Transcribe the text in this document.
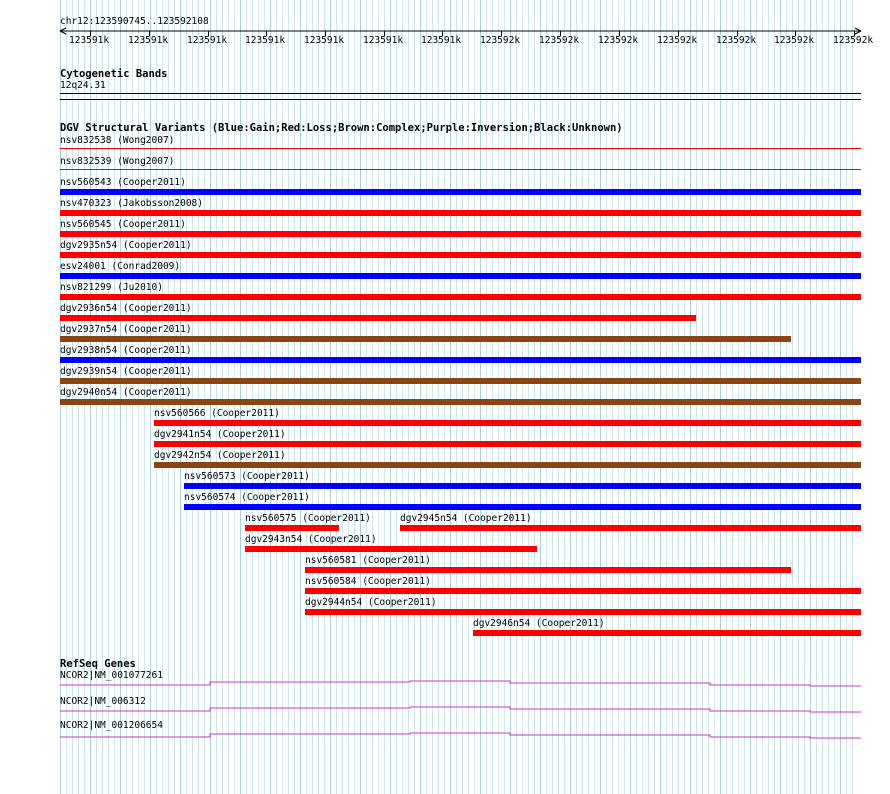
chr12:123590745..123592108
123591k 123591k 123591k 123591k 123591k 123591k 123591k 123592k 123592k 123592k 123592k 123592k 123592k 123592k
Cytogenetic Bands
12q24.31
DGV Structural Variants (Blue:Gain;Red:Loss;Brown:Complex;Purple:Inversion;Black:Unknown)
nsv832538 (Wong2007)
nsv832539 (Wong2007)
nsv560543 (Cooper2011)
nsv470323 (Jakobsson2008)
nsv560545 (Cooper2011)
dgv2935n54 (Cooper2011)
esv24001 (Conrad2009)
nsv821299 (Ju2010)
dgv2936n54 (Cooper2011)
dgv2937n54 (Cooper2011)
dgv2938n54 (Cooper2011)
dgv2939n54 (Cooper2011)
dgv2940n54 (Cooper2011)
nsv560566 (Cooper2011)
dgv2941n54 (Cooper2011)
dgv2942n54 (Cooper2011)
nsv560573 (Cooper2011)
nsv560574 (Cooper2011)
nsv560575 (Cooper2011)	dgv2945n54 (Cooper2011)
dgv2943n54 (Cooper2011)
nsv560581 (Cooper2011)
nsv560584 (Cooper2011)
dgv2944n54 (Cooper2011)
dgv2946n54 (Cooper2011)
RefSeq Genes
NCOR2|NM_001077261
NCOR2|NM_006312
NCOR2|NM_001206654
